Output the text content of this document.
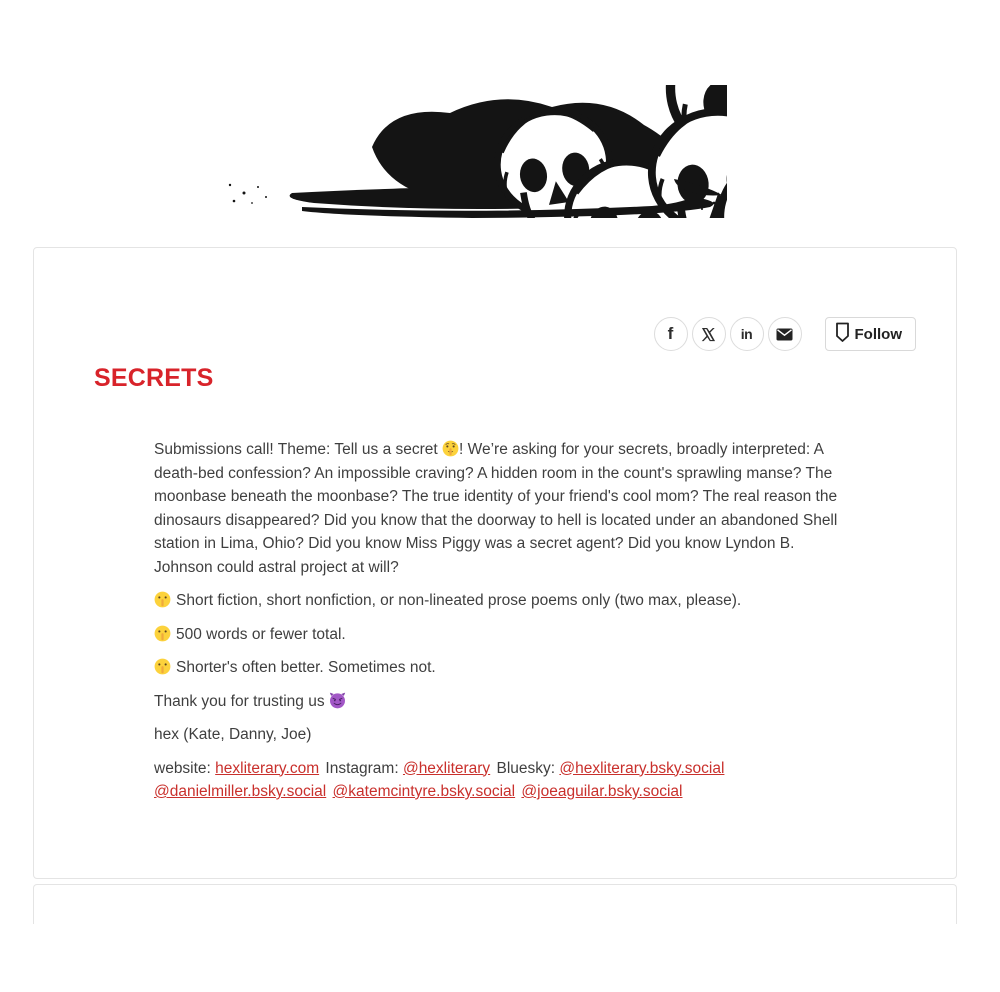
f	in	Follow
SECRETS

Submissions call! Theme: Tell us a secret
! We’re asking for your secrets, broadly interpreted: A death-bed confession? An impossible craving? A hidden room in the count's sprawling manse? The moonbase beneath the moonbase? The true identity of your friend's cool mom? The real reason the dinosaurs disappeared? Did you know that the doorway to hell is located under an abandoned Shell station in Lima, Ohio? Did you know Miss Piggy was a secret agent? Did you know Lyndon B. Johnson could astral project at will?

Short fiction, short nonfiction, or non-lineated prose poems only (two max, please).

500 words or fewer total.

Shorter's often better. Sometimes not.

Thank you for trusting us

hex (Kate, Danny, Joe)

website: hexliterary.com Instagram: @hexliterary Bluesky: @hexliterary.bsky.social @danielmiller.bsky.social @katemcintyre.bsky.social @joeaguilar.bsky.social
